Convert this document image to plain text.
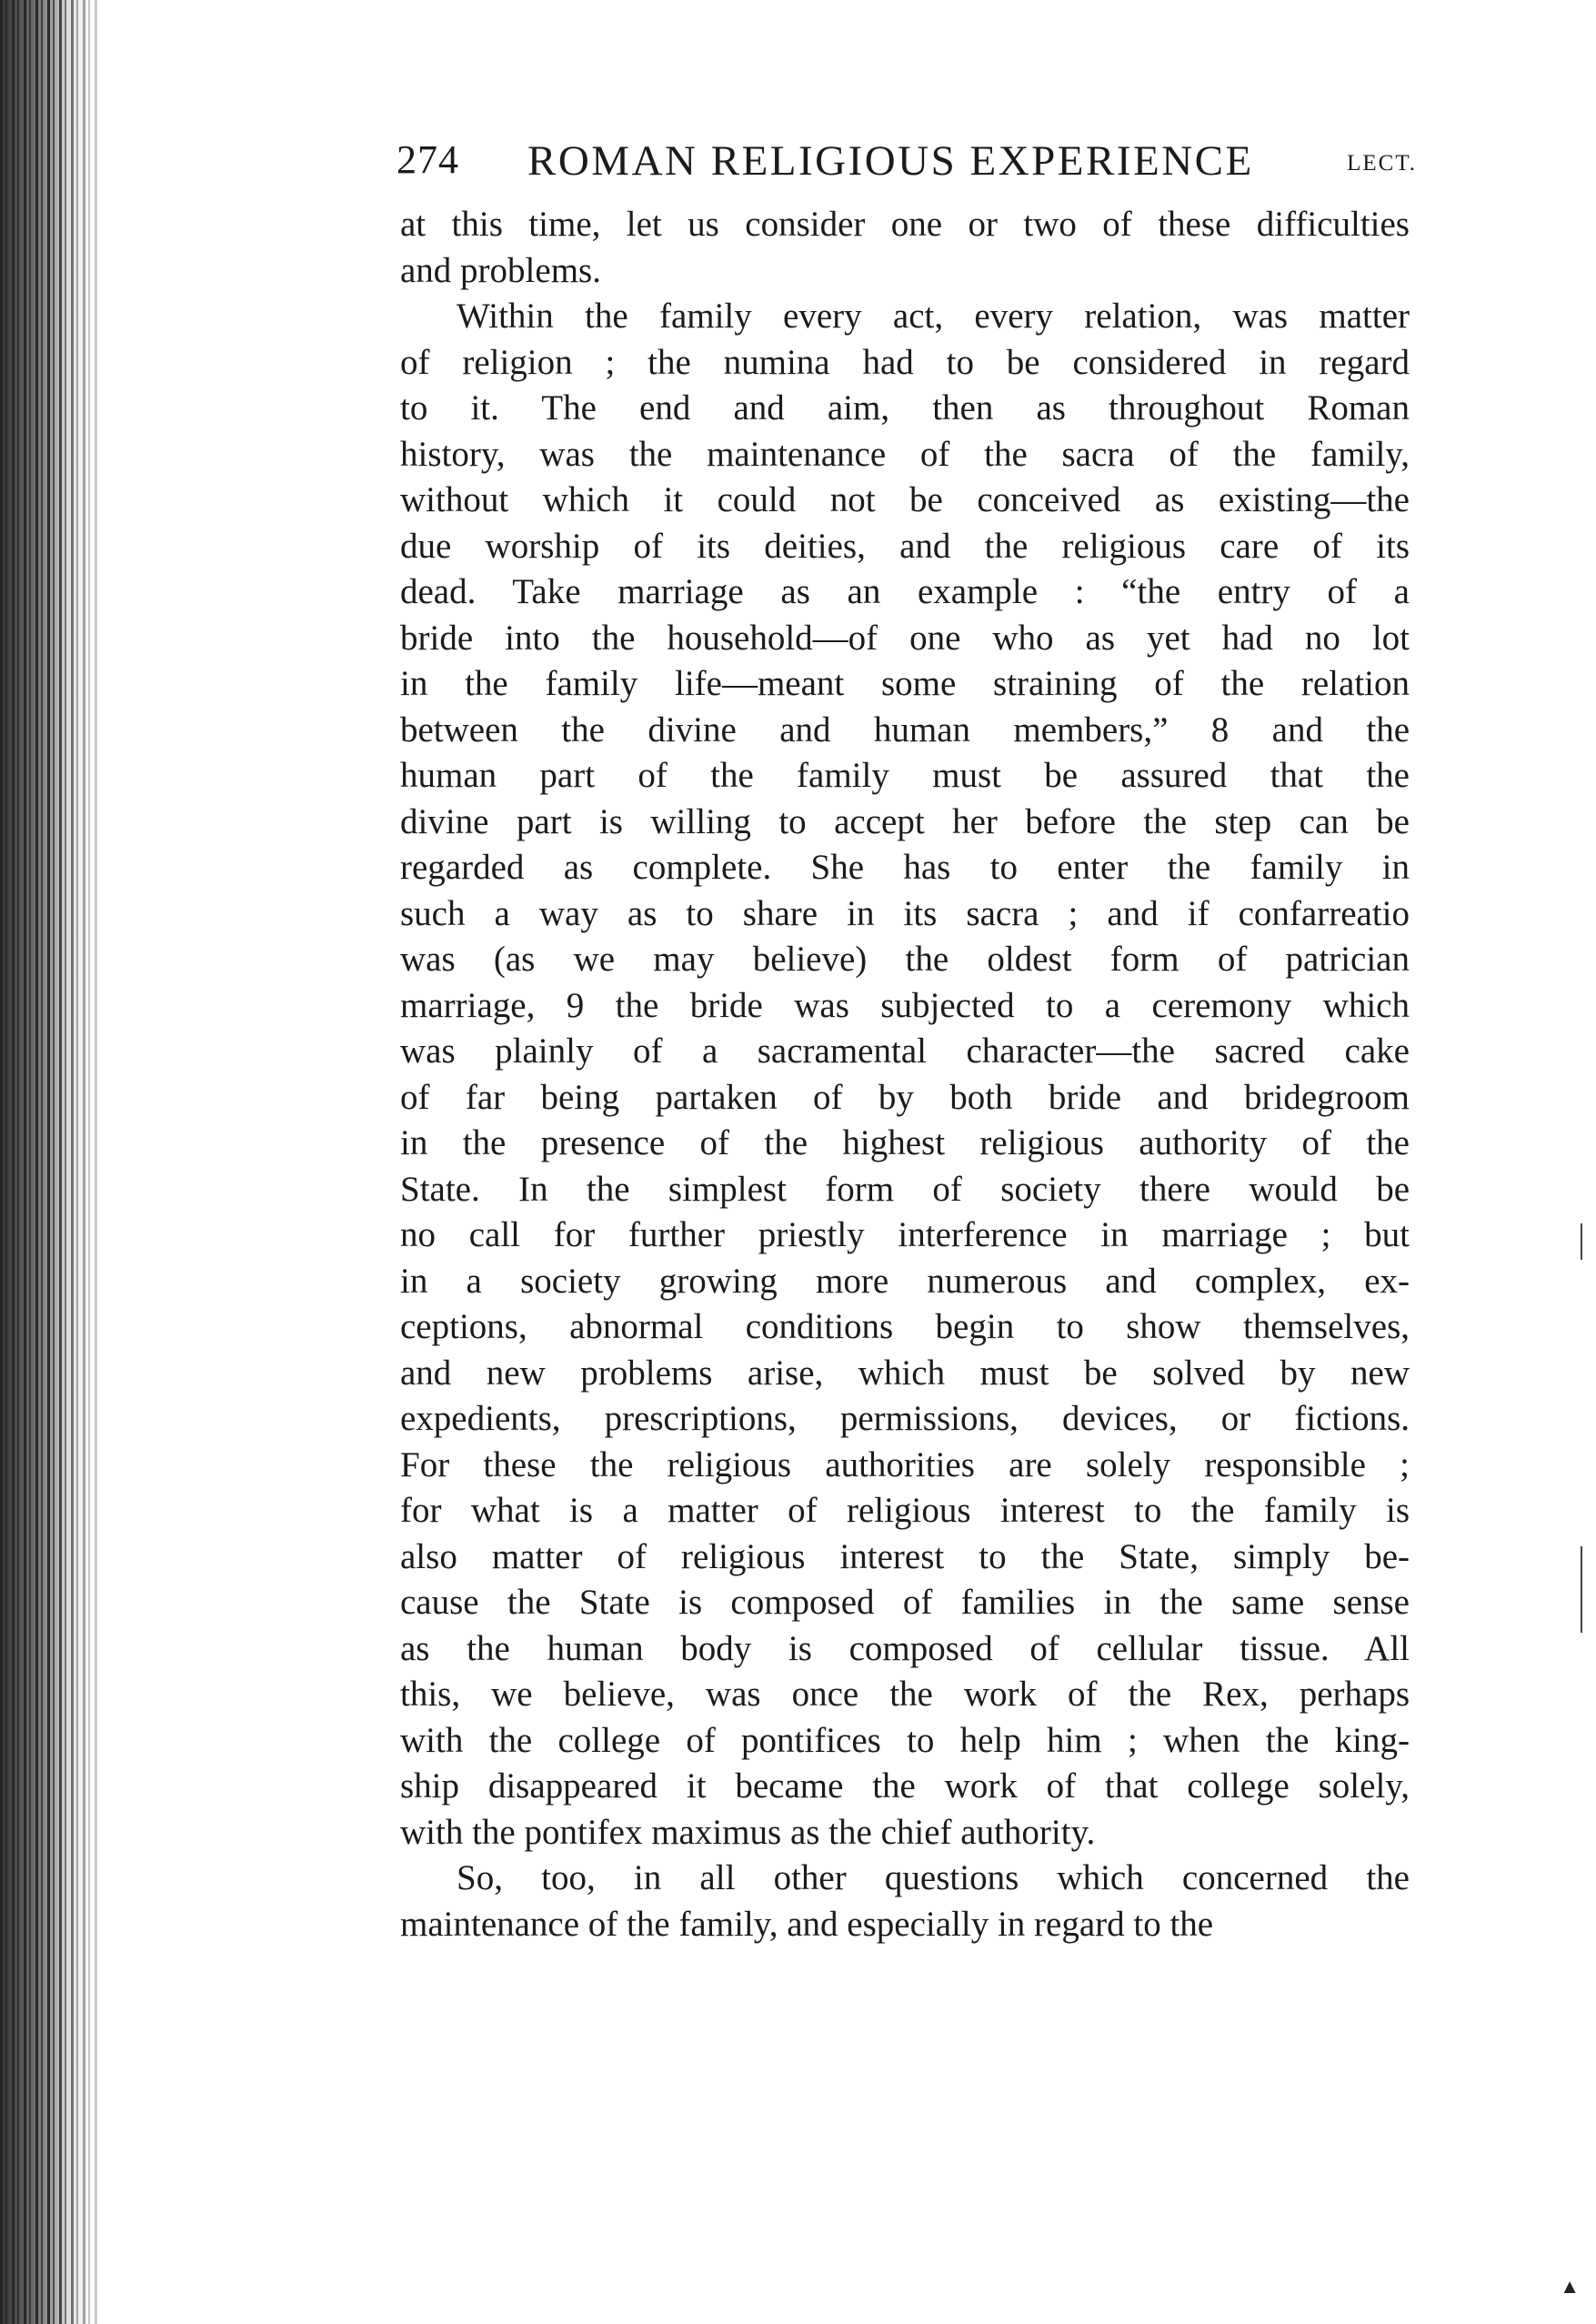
274 ROMAN RELIGIOUS EXPERIENCE	LECT.

at this time, let us consider one or two of these difficulties
and problems.

Within the family every act, every relation, was matter
of religion ; the numina had to be considered in regard
to it. The end and aim, then as throughout Roman
history, was the maintenance of the sacra of the family,
without which it could not be conceived as existing—the
due worship of its deities, and the religious care of its
dead. Take marriage as an example : “the entry of a
bride into the household—of one who as yet had no lot
in the family life—meant some straining of the relation
between the divine and human members,” 8 and the
human part of the family must be assured that the
divine part is willing to accept her before the step can be
regarded as complete. She has to enter the family in
such a way as to share in its sacra ; and if confarreatio
was (as we may believe) the oldest form of patrician
marriage, 9 the bride was subjected to a ceremony which
was plainly of a sacramental character—the sacred cake
of far being partaken of by both bride and bridegroom
in the presence of the highest religious authority of the
State. In the simplest form of society there would be
no call for further priestly interference in marriage ; but
in a society growing more numerous and complex, ex-
ceptions, abnormal conditions begin to show themselves,
and new problems arise, which must be solved by new
expedients, prescriptions, permissions, devices, or fictions.
For these the religious authorities are solely responsible ;
for what is a matter of religious interest to the family is
also matter of religious interest to the State, simply be-
cause the State is composed of families in the same sense
as the human body is composed of cellular tissue. All
this, we believe, was once the work of the Rex, perhaps
with the college of pontifices to help him ; when the king-
ship disappeared it became the work of that college solely,
with the pontifex maximus as the chief authority.

So, too, in all other questions which concerned the
maintenance of the family, and especially in regard to the

▲
